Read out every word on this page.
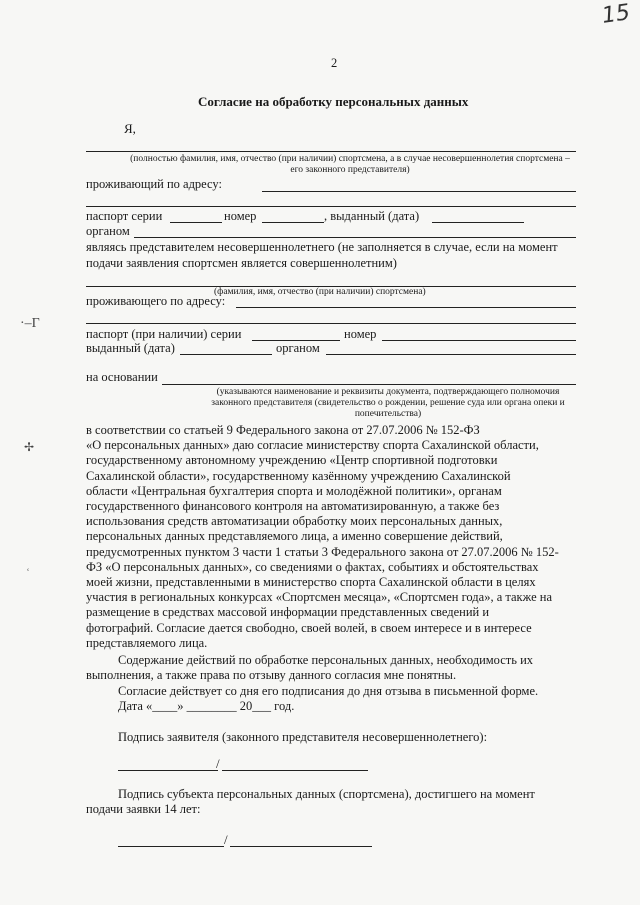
15
2
Согласие на обработку персональных данных
Я,
(полностью фамилия, имя, отчество (при наличии) спортсмена, а в случае несовершеннолетия спортсмена – его законного представителя)
проживающий по адресу:
паспорт серии	номер	, выданный (дата)
органом
являясь представителем несовершеннолетнего (не заполняется в случае, если на момент
подачи заявления спортсмен является совершеннолетним)
(фамилия, имя, отчество (при наличии) спортсмена)
проживающего по адресу:
паспорт (при наличии) серии	номер
выданный (дата)	органом
на основании
(указываются наименование и реквизиты документа, подтверждающего полномочия законного представителя (свидетельство о рождении, решение суда или органа опеки и попечительства)
в соответствии со статьей 9 Федерального закона от 27.07.2006 № 152-ФЗ
«О персональных данных» даю согласие министерству спорта Сахалинской области,
государственному автономному учреждению «Центр спортивной подготовки
Сахалинской области», государственному казённому учреждению Сахалинской
области «Центральная бухгалтерия спорта и молодёжной политики», органам
государственного финансового контроля на автоматизированную, а также без
использования средств автоматизации обработку моих персональных данных,
персональных данных представляемого лица, а именно совершение действий,
предусмотренных пунктом 3 части 1 статьи 3 Федерального закона от 27.07.2006 № 152-
ФЗ «О персональных данных», со сведениями о фактах, событиях и обстоятельствах
моей жизни, представленными в министерство спорта Сахалинской области в целях
участия в региональных конкурсах «Спортсмен месяца», «Спортсмен года», а также на
размещение в средствах массовой информации представленных сведений и
фотографий. Согласие дается свободно, своей волей, в своем интересе и в интересе
представляемого лица.
Содержание действий по обработке персональных данных, необходимость их
выполнения, а также права по отзыву данного согласия мне понятны.
Согласие действует со дня его подписания до дня отзыва в письменной форме.
Дата «____» ________ 20___ год.
Подпись заявителя (законного представителя несовершеннолетнего):
/
Подпись субъекта персональных данных (спортсмена), достигшего на момент
подачи заявки 14 лет:
/
·–Г
✢
ʿ
